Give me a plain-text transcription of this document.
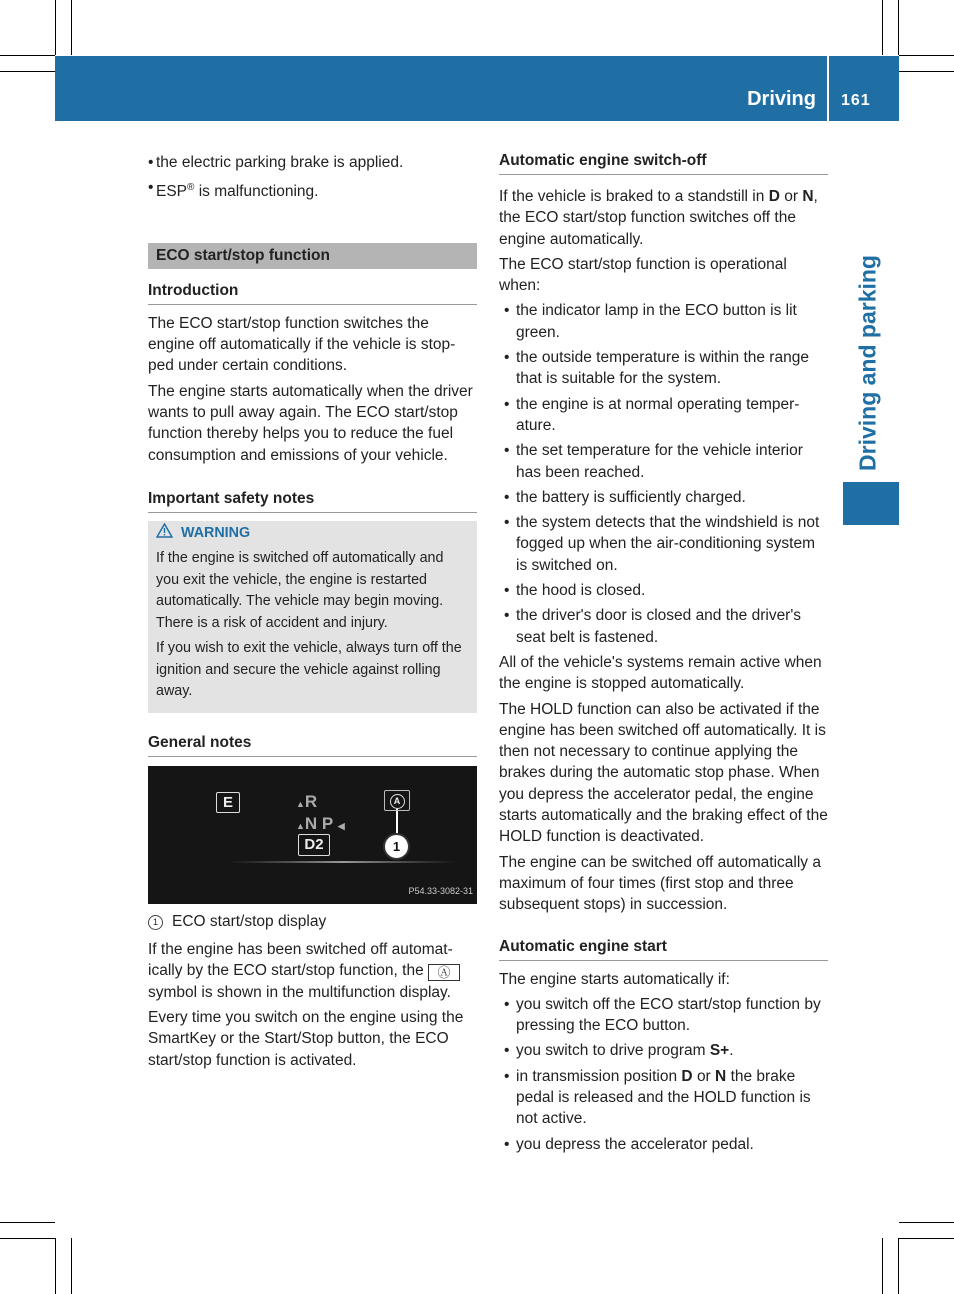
Driving 161
Driving and parking
• the electric parking brake is applied.
• ESP® is malfunctioning.
ECO start/stop function
Introduction

The ECO start/stop function switches the engine off automatically if the vehicle is stop-ped under certain conditions.

The engine starts automatically when the driver wants to pull away again. The ECO start/stop function thereby helps you to reduce the fuel consumption and emissions of your vehicle.

Important safety notes
WARNING

If the engine is switched off automatically and you exit the vehicle, the engine is restarted automatically. The vehicle may begin moving. There is a risk of accident and injury.

If you wish to exit the vehicle, always turn off the ignition and secure the vehicle against rolling away.

General notes
E	▲R
▲N P ◀
D2
A
1
P54.33-3082-31
1 ECO start/stop display

If the engine has been switched off automat-ically by the ECO start/stop function, the Ⓐ symbol is shown in the multifunction display.

Every time you switch on the engine using the SmartKey or the Start/Stop button, the ECO start/stop function is activated.

Automatic engine switch-off

If the vehicle is braked to a standstill in D or N, the ECO start/stop function switches off the engine automatically.

The ECO start/stop function is operational when:

• the indicator lamp in the ECO button is lit green.
• the outside temperature is within the range that is suitable for the system.
• the engine is at normal operating temper-ature.
• the set temperature for the vehicle interior has been reached.
• the battery is sufficiently charged.
• the system detects that the windshield is not fogged up when the air-conditioning system is switched on.
• the hood is closed.
• the driver's door is closed and the driver's seat belt is fastened.

All of the vehicle's systems remain active when the engine is stopped automatically.

The HOLD function can also be activated if the engine has been switched off automatically. It is then not necessary to continue applying the brakes during the automatic stop phase. When you depress the accelerator pedal, the engine starts automatically and the braking effect of the HOLD function is deactivated.

The engine can be switched off automatically a maximum of four times (first stop and three subsequent stops) in succession.

Automatic engine start

The engine starts automatically if:

• you switch off the ECO start/stop function by pressing the ECO button.
• you switch to drive program S+.
• in transmission position D or N the brake pedal is released and the HOLD function is not active.
• you depress the accelerator pedal.
